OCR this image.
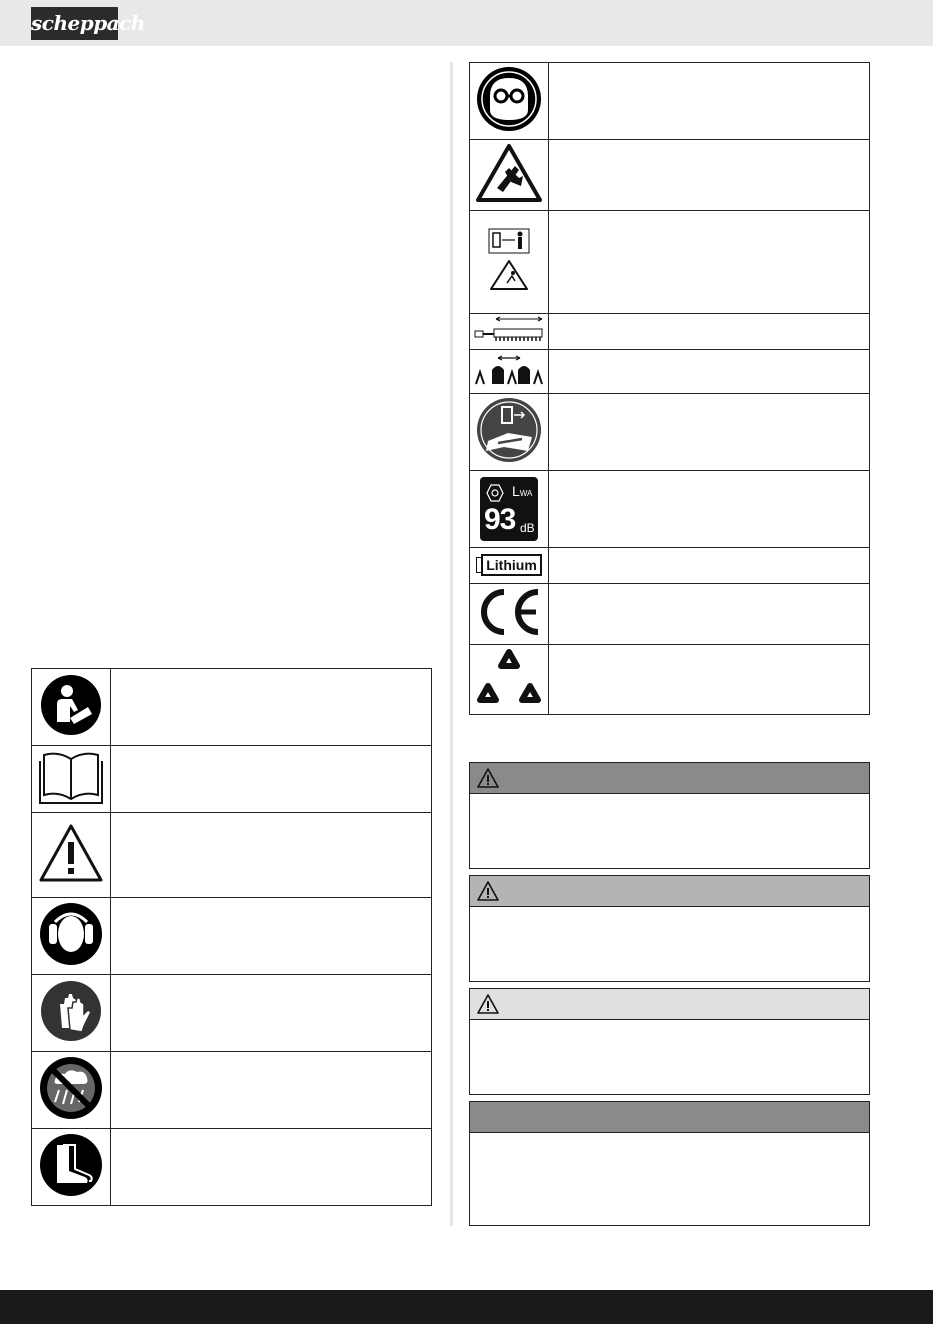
scheppach

LWA
93 dB	

Lithium	
